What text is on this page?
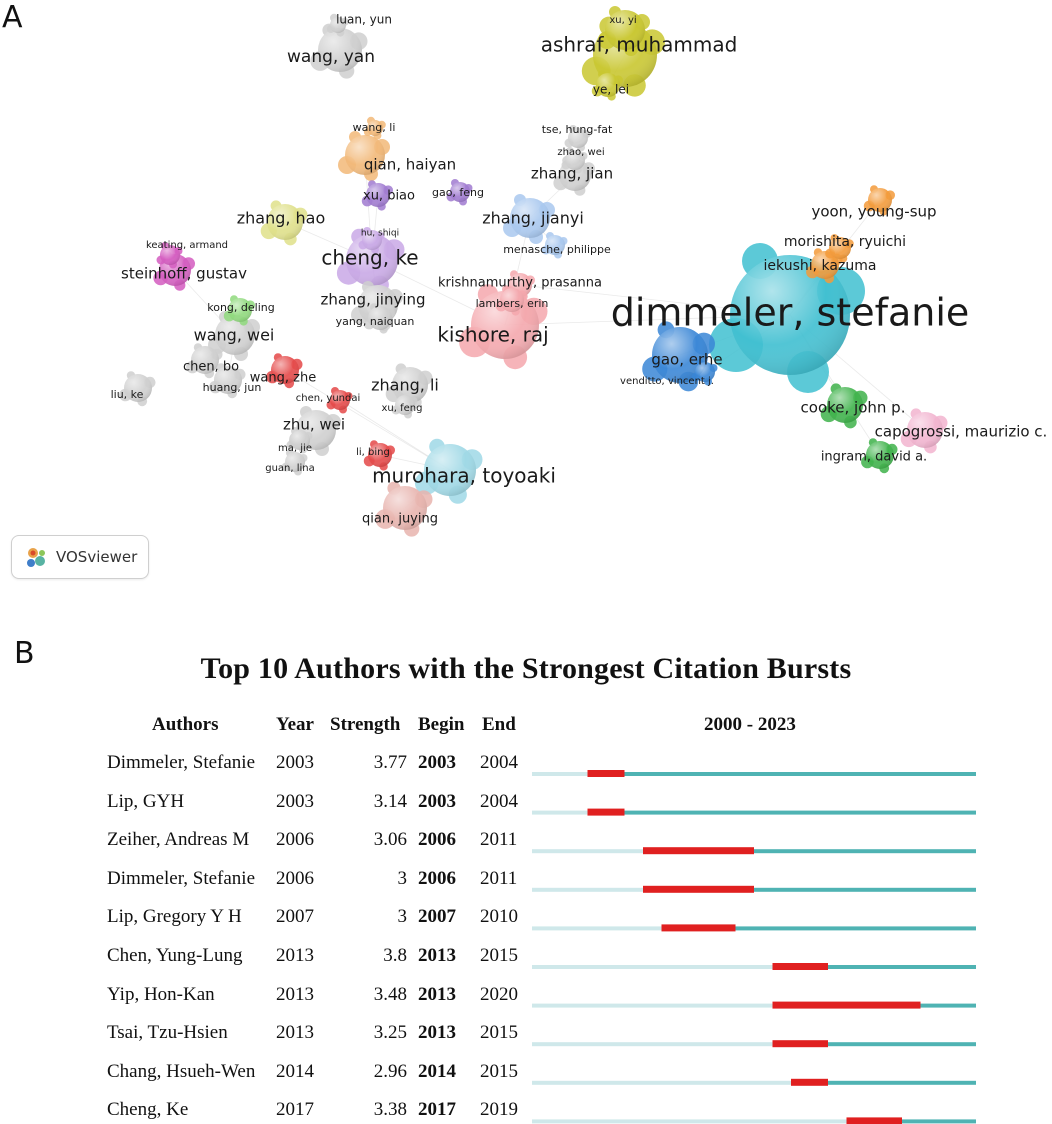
A	luan, yun
wang, yan
xu, yi
ashraf, muhammad
ye, lei
wang, li	tse, hung-fat
qian, haiyan
zhao, wei
zhang, jian
xu, biao gao, feng
zhang, hao	zhang, jianyi	yoon, young-sup
hu, shiqi
keating, armand	menasche, philippe	morishita, ryuichi
cheng, ke	iekushi, kazuma
steinhoff, gustav
krishnamurthy, prasanna
zhang, jinying	lambers, erin
kong, deling	dimmeler, stefanie
yang, naiquan
wang, wei	kishore, raj
gao, erhe
chen, bo
wang, zhe	venditto, vincent j.
huang, jun	zhang, li
liu, ke	chen, yundai
xu, feng	cooke, john p.
zhu, wei	capogrossi, maurizio c.
ma, jie	li, bing	ingram, david a.
guan, lina	murohara, toyoaki
qian, juying
VOSviewer
B	Top 10 Authors with the Strongest Citation Bursts
Authors	Year Strength Begin End	2000 - 2023
Dimmeler, Stefanie 2003	3.77 2003 2004
Lip, GYH	2003	3.14 2003 2004
Zeiher, Andreas M 2006	3.06 2006 2011
Dimmeler, Stefanie 2006	3 2006 2011
Lip, Gregory Y H 2007	3 2007 2010
Chen, Yung-Lung 2013	3.8 2013 2015
Yip, Hon-Kan	2013	3.48 2013 2020
Tsai, Tzu-Hsien	2013	3.25 2013 2015
Chang, Hsueh-Wen 2014	2.96 2014 2015
Cheng, Ke	2017	3.38 2017 2019
